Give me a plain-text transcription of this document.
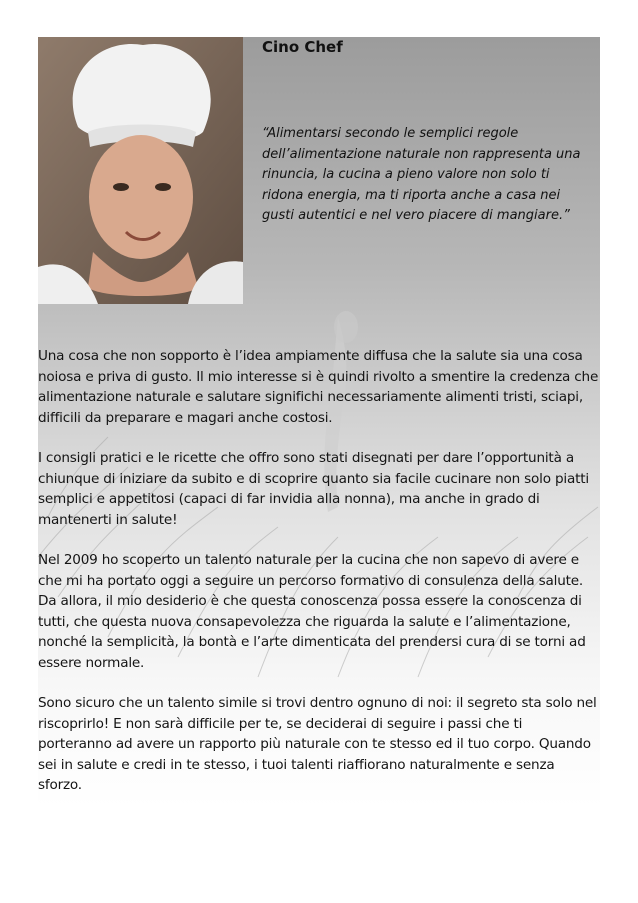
Cino Chef
“Alimentarsi secondo le semplici regole dell’alimentazione naturale non rappresenta una rinuncia, la cucina a pieno valore non solo ti ridona energia, ma ti riporta anche a casa nei gusti autentici e nel vero piacere di mangiare.”

Una cosa che non sopporto è l’idea ampiamente diffusa che la salute sia una cosa noiosa e priva di gusto. Il mio interesse si è quindi rivolto a smentire la credenza che alimentazione naturale e salutare significhi necessariamente alimenti tristi, sciapi, difficili da preparare e magari anche costosi.

I consigli pratici e le ricette che offro sono stati disegnati per dare l’opportunità a chiunque di iniziare da subito e di scoprire quanto sia facile cucinare non solo piatti semplici e appetitosi (capaci di far invidia alla nonna), ma anche in grado di mantenerti in salute!

Nel 2009 ho scoperto un talento naturale per la cucina che non sapevo di avere e che mi ha portato oggi a seguire un percorso formativo di consulenza della salute. Da allora, il mio desiderio è che questa conoscenza possa essere la conoscenza di tutti, che questa nuova consapevolezza che riguarda la salute e l’alimentazione, nonché la semplicità, la bontà e l’arte dimenticata del prendersi cura di se torni ad essere normale.

Sono sicuro che un talento simile si trovi dentro ognuno di noi: il segreto sta solo nel riscoprirlo! E non sarà difficile per te, se deciderai di seguire i passi che ti porteranno ad avere un rapporto più naturale con te stesso ed il tuo corpo. Quando sei in salute e credi in te stesso, i tuoi talenti riaffiorano naturalmente e senza sforzo.
